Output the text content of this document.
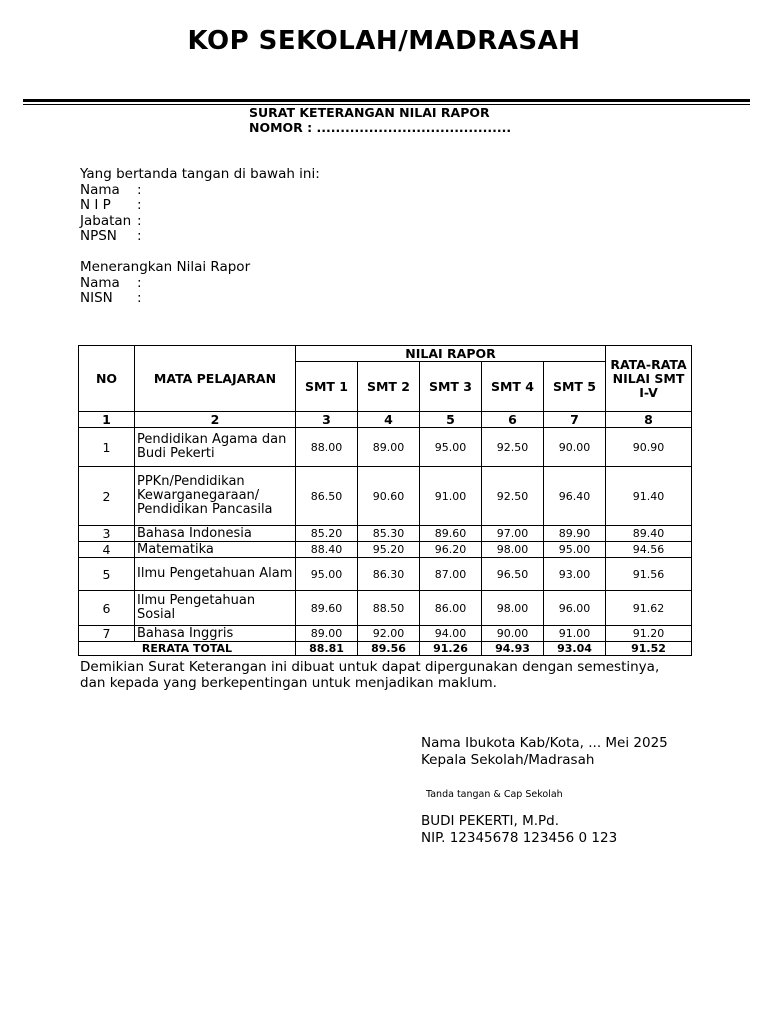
KOP SEKOLAH/MADRASAH
SURAT KETERANGAN NILAI RAPOR
NOMOR : .........................................
Yang bertanda tangan di bawah ini:
Nama :
N I P :
Jabatan :
NPSN :
Menerangkan Nilai Rapor
Nama :
NISN :
NO	MATA PELAJARAN	NILAI RAPOR					RATA-RATA NILAI SMT I-V
		SMT 1	SMT 2	SMT 3	SMT 4	SMT 5	
1	2	3	4	5	6	7	8
1	Pendidikan Agama dan Budi Pekerti	88.00	89.00	95.00	92.50	90.00	90.90
2	PPKn/Pendidikan Kewarganegaraan/ Pendidikan Pancasila	86.50	90.60	91.00	92.50	96.40	91.40
3	Bahasa Indonesia	85.20	85.30	89.60	97.00	89.90	89.40
4	Matematika	88.40	95.20	96.20	98.00	95.00	94.56
5	Ilmu Pengetahuan Alam	95.00	86.30	87.00	96.50	93.00	91.56
6	Ilmu Pengetahuan Sosial	89.60	88.50	86.00	98.00	96.00	91.62
7	Bahasa Inggris	89.00	92.00	94.00	90.00	91.00	91.20
RERATA TOTAL		88.81	89.56	91.26	94.93	93.04	91.52
Demikian Surat Keterangan ini dibuat untuk dapat dipergunakan dengan semestinya,
dan kepada yang berkepentingan untuk menjadikan maklum.
Nama Ibukota Kab/Kota, ... Mei 2025
Kepala Sekolah/Madrasah
Tanda tangan & Cap Sekolah
BUDI PEKERTI, M.Pd.
NIP. 12345678 123456 0 123
